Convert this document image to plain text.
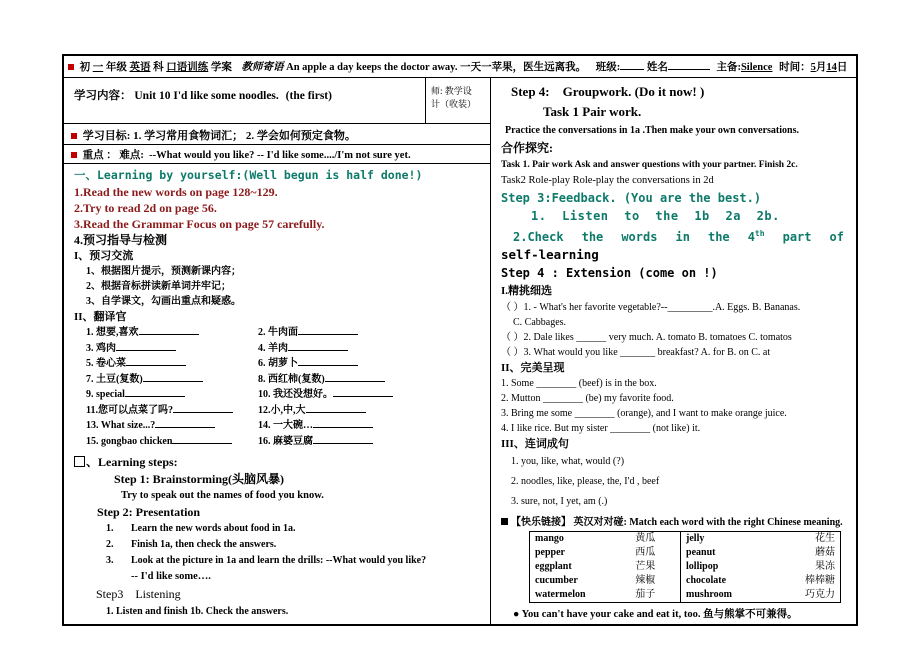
初 一 年级 英语 科 口语训练 学案 教师寄语 An apple a day keeps the doctor away. 一天一苹果，医生远离我。 班级:	姓名	主备:Silence 时间：5月14日
学习内容： Unit 10 I'd like some noodles. (the first)	师: 教学设
计（收装）
学习目标: 1. 学习常用食物词汇； 2. 学会如何预定食物。
重点 ： 难点: --What would you like? -- I'd like some..../I'm not sure yet.
一、Learning by yourself:(Well begun is half done!)
1.Read the new words on page 128~129.
2.Try to read 2d on page 56.
3.Read the Grammar Focus on page 57 carefully.
4.预习指导与检测
I、预习交流
1、根据图片提示，预测新课内容；
2、根据音标拼读新单词并牢记；
3、自学课文，勾画出重点和疑惑。
II、翻译官
1. 想要,喜欢	2. 牛肉面
3. 鸡肉	4. 羊肉
5. 卷心菜	6. 胡萝卜
7. 土豆(复数)	8. 西红柿(复数)
9. special	10. 我还没想好。
11.您可以点菜了吗?	12.小,中,大
13. What size...?	14. 一大碗…
15. gongbao chicken	16. 麻婆豆腐
、Learning steps:
Step 1: Brainstorming(头脑风暴)
Try to speak out the names of food you know.
Step 2: Presentation
1. Learn the new words about food in 1a.
2. Finish 1a, then check the answers.
3. Look at the picture in 1a and learn the drills: --What would you like?
-- I'd like some….
Step3  Listening
1. Listen and finish 1b. Check the answers.
Step 4:  Groupwork. (Do it now! )
Task 1 Pair work.
Practice the conversations in 1a .Then make your own conversations.
合作探究:
Task 1. Pair work Ask and answer questions with your partner. Finish 2c.
Task2 Role-play Role-play the conversations in 2d
Step 3:Feedback. (You are the best.)
1. Listen to the 1b 2a 2b.
2.Check the words in the 4th part of
self-learning
Step 4 : Extension (come on !)
I.精挑细选
（ ）1. - What's her favorite vegetable?--_________.A. Eggs. B. Bananas.
C. Cabbages.
（ ）2. Dale likes ______ very much. A. tomato B. tomatoes C. tomatos
（ ）3. What would you like _______ breakfast? A. for B. on C. at
II、完美呈现
1. Some ________ (beef) is in the box.
2. Mutton ________ (be) my favorite food.
3. Bring me some ________ (orange), and I want to make orange juice.
4. I like rice. But my sister ________ (not like) it.
III、连词成句
1. you, like, what, would (?)
2. noodles, like, please, the, I'd , beef
3. sure, not, I yet, am (.)
【快乐链接】 英汉对对碰: Match each word with the right Chinese meaning.
mango	黄瓜	jelly	花生
pepper	西瓜	peanut	蘑菇
eggplant	芒果	lollipop	果冻
cucumber	辣椒	chocolate	棒棒糖
watermelon	茄子	mushroom	巧克力
● You can't have your cake and eat it, too. 鱼与熊掌不可兼得。
